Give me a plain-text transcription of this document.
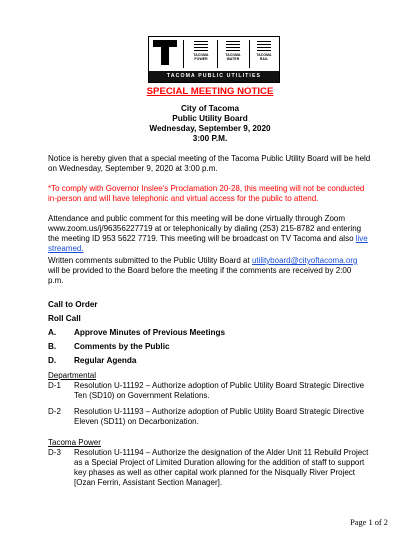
TACOMA POWER
TACOMA WATER
TACOMA RAIL
TACOMA PUBLIC UTILITIES
SPECIAL MEETING NOTICE
City of Tacoma
Public Utility Board
Wednesday, September 9, 2020
3:00 P.M.
Notice is hereby given that a special meeting of the Tacoma Public Utility Board will be held
on Wednesday, September 9, 2020 at 3:00 p.m.
*To comply with Governor Inslee's Proclamation 20-28, this meeting will not be conducted
in-person and will have telephonic and virtual access for the public to attend.
Attendance and public comment for this meeting will be done virtually through Zoom
www.zoom.us/j/96356227719 at or telephonically by dialing (253) 215-8782 and entering
the meeting ID 953 5622 7719. This meeting will be broadcast on TV Tacoma and also live
streamed.
Written comments submitted to the Public Utility Board at utilityboard@cityoftacoma.org
will be provided to the Board before the meeting if the comments are received by 2:00
p.m.
Call to Order
Roll Call
A. Approve Minutes of Previous Meetings
B. Comments by the Public
D. Regular Agenda
Departmental
D-1 Resolution U-11192 – Authorize adoption of Public Utility Board Strategic Directive
Ten (SD10) on Government Relations.
D-2 Resolution U-11193 – Authorize adoption of Public Utility Board Strategic Directive
Eleven (SD11) on Decarbonization.
Tacoma Power
D-3 Resolution U-11194 – Authorize the designation of the Alder Unit 11 Rebuild Project
as a Special Project of Limited Duration allowing for the addition of staff to support
key phases as well as other capital work planned for the Nisqually River Project
[Ozan Ferrin, Assistant Section Manager].
Page 1 of 2
